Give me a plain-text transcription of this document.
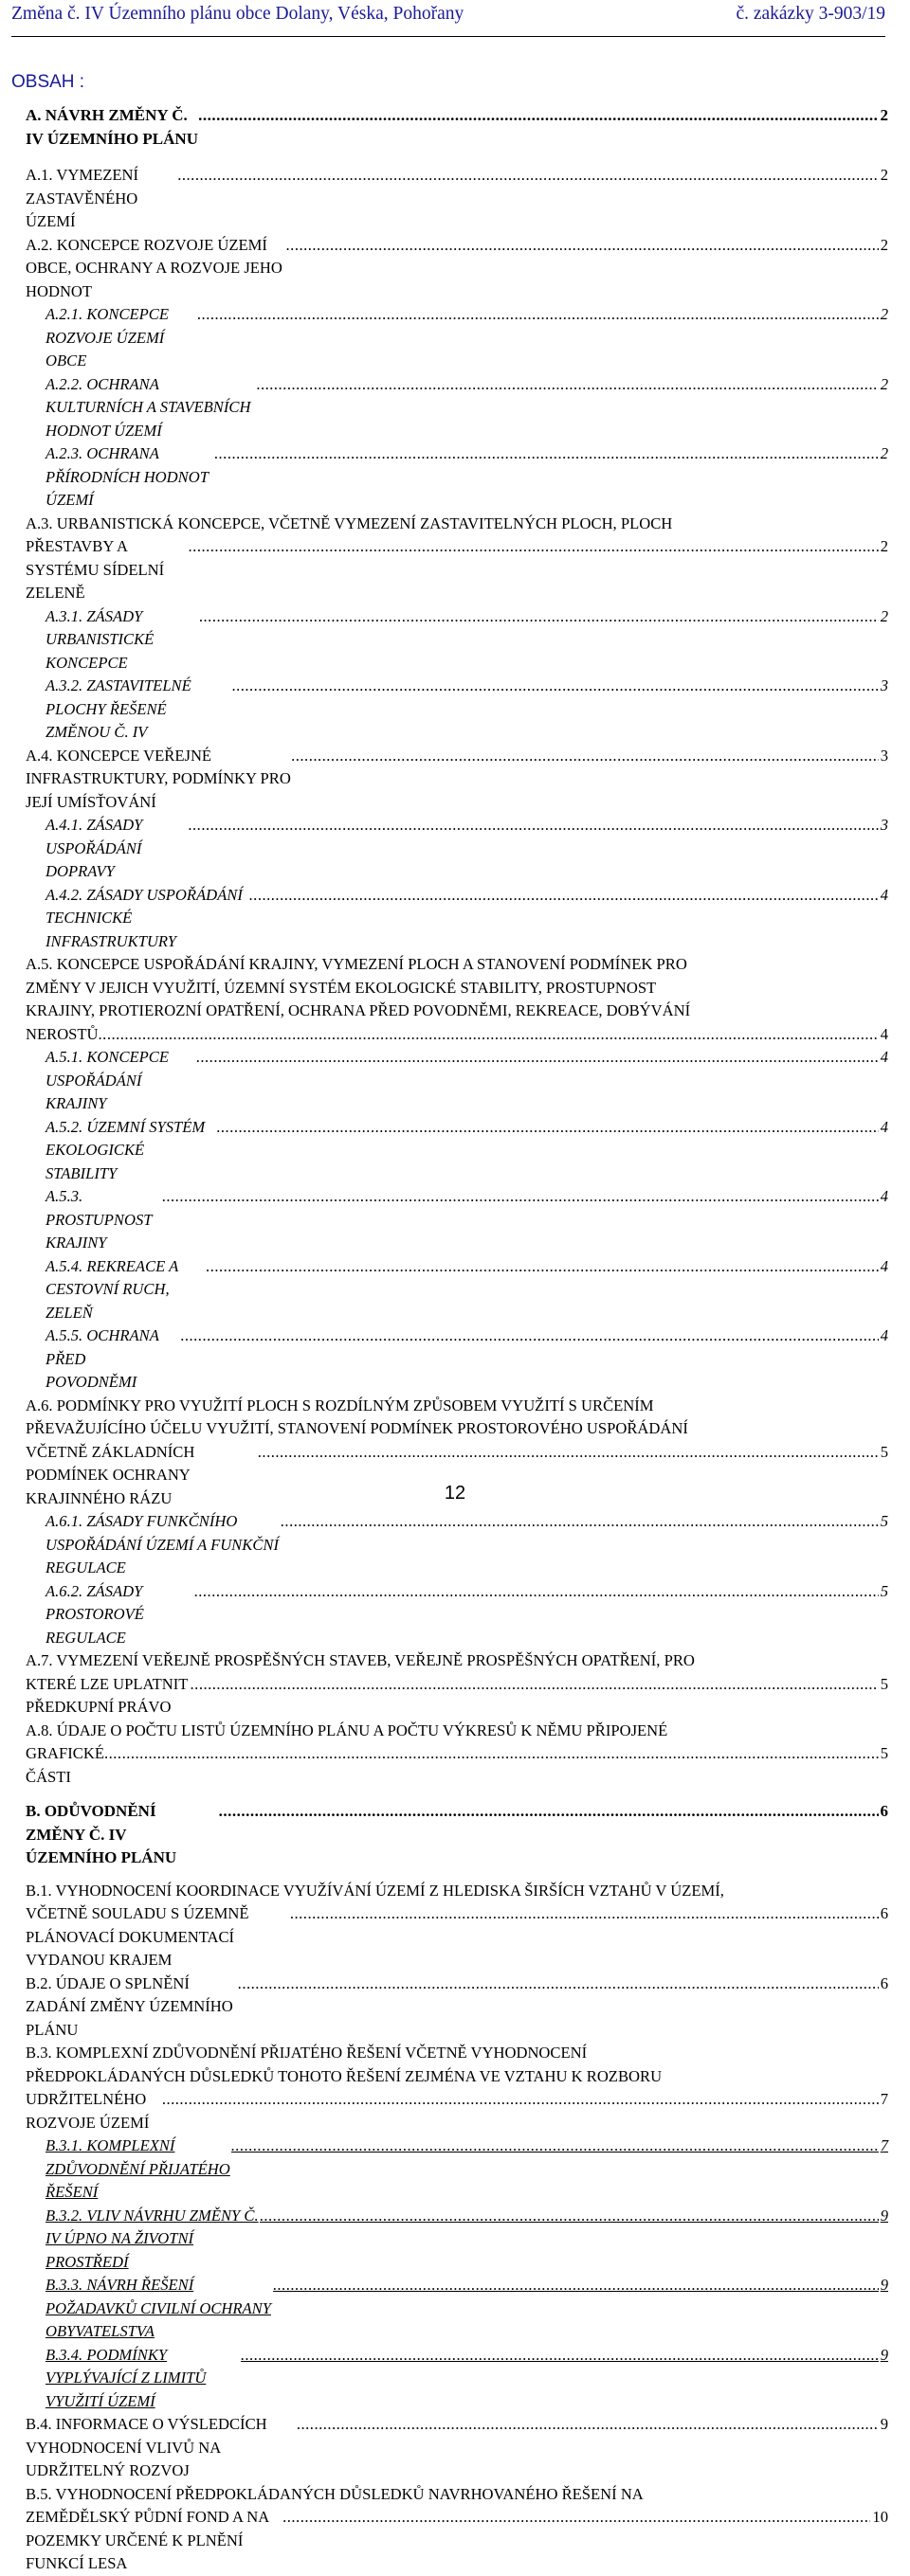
Změna č. IV Územního plánu obce Dolany, Véska, Pohořany	č. zakázky 3-903/19
OBSAH :
A. NÁVRH ZMĚNY Č. IV ÚZEMNÍHO PLÁNU
.....
2
A.1. VYMEZENÍ ZASTAVĚNÉHO ÚZEMÍ
.....
2
A.2. KONCEPCE ROZVOJE ÚZEMÍ OBCE, OCHRANY A ROZVOJE JEHO HODNOT
.....
2
A.2.1. KONCEPCE ROZVOJE ÚZEMÍ OBCE
.....
2
A.2.2. OCHRANA KULTURNÍCH A STAVEBNÍCH HODNOT ÚZEMÍ
.....
2
A.2.3. OCHRANA PŘÍRODNÍCH HODNOT ÚZEMÍ
.....
2
A.3. URBANISTICKÁ KONCEPCE, VČETNĚ VYMEZENÍ ZASTAVITELNÝCH PLOCH, PLOCH
PŘESTAVBY A SYSTÉMU SÍDELNÍ ZELENĚ
.....
2
A.3.1. ZÁSADY URBANISTICKÉ KONCEPCE
.....
2
A.3.2. ZASTAVITELNÉ PLOCHY ŘEŠENÉ ZMĚNOU Č. IV
.....
3
A.4. KONCEPCE VEŘEJNÉ INFRASTRUKTURY, PODMÍNKY PRO JEJÍ UMÍSŤOVÁNÍ
.....
3
A.4.1. ZÁSADY USPOŘÁDÁNÍ DOPRAVY
.....
3
A.4.2. ZÁSADY USPOŘÁDÁNÍ TECHNICKÉ INFRASTRUKTURY
.....
4
A.5. KONCEPCE USPOŘÁDÁNÍ KRAJINY, VYMEZENÍ PLOCH A STANOVENÍ PODMÍNEK PRO
ZMĚNY V JEJICH VYUŽITÍ, ÚZEMNÍ SYSTÉM EKOLOGICKÉ STABILITY, PROSTUPNOST
KRAJINY, PROTIEROZNÍ OPATŘENÍ, OCHRANA PŘED POVODNĚMI, REKREACE, DOBÝVÁNÍ
NEROSTŮ
.....	4
A.5.1. KONCEPCE USPOŘÁDÁNÍ KRAJINY
.....
4
A.5.2. ÚZEMNÍ SYSTÉM EKOLOGICKÉ STABILITY
.....
4
A.5.3. PROSTUPNOST KRAJINY
.....
4
A.5.4. REKREACE A CESTOVNÍ RUCH, ZELEŇ
.....
4
A.5.5. OCHRANA PŘED POVODNĚMI
.....
4
A.6. PODMÍNKY PRO VYUŽITÍ PLOCH S ROZDÍLNÝM ZPŮSOBEM VYUŽITÍ S URČENÍM
PŘEVAŽUJÍCÍHO ÚČELU VYUŽITÍ, STANOVENÍ PODMÍNEK PROSTOROVÉHO USPOŘÁDÁNÍ
VČETNĚ ZÁKLADNÍCH PODMÍNEK OCHRANY KRAJINNÉHO RÁZU
.....
5
A.6.1. ZÁSADY FUNKČNÍHO USPOŘÁDÁNÍ ÚZEMÍ A FUNKČNÍ REGULACE
.....
5
A.6.2. ZÁSADY PROSTOROVÉ REGULACE
.....
5
A.7. VYMEZENÍ VEŘEJNĚ PROSPĚŠNÝCH STAVEB, VEŘEJNĚ PROSPĚŠNÝCH OPATŘENÍ, PRO
KTERÉ LZE UPLATNIT PŘEDKUPNÍ PRÁVO
.....
5
A.8. ÚDAJE O POČTU LISTŮ ÚZEMNÍHO PLÁNU A POČTU VÝKRESŮ K NĚMU PŘIPOJENÉ
GRAFICKÉ ČÁSTI
.....
5
B. ODŮVODNĚNÍ ZMĚNY Č. IV ÚZEMNÍHO PLÁNU
.....
6
B.1. VYHODNOCENÍ KOORDINACE VYUŽÍVÁNÍ ÚZEMÍ Z HLEDISKA ŠIRŠÍCH VZTAHŮ V ÚZEMÍ,
VČETNĚ SOULADU S ÚZEMNĚ PLÁNOVACÍ DOKUMENTACÍ VYDANOU KRAJEM
.....
6
B.2. ÚDAJE O SPLNĚNÍ ZADÁNÍ ZMĚNY ÚZEMNÍHO PLÁNU
.....
6
B.3. KOMPLEXNÍ ZDŮVODNĚNÍ PŘIJATÉHO ŘEŠENÍ VČETNĚ VYHODNOCENÍ
PŘEDPOKLÁDANÝCH DŮSLEDKŮ TOHOTO ŘEŠENÍ ZEJMÉNA VE VZTAHU K ROZBORU
UDRŽITELNÉHO ROZVOJE ÚZEMÍ
.....
7
B.3.1. KOMPLEXNÍ ZDŮVODNĚNÍ PŘIJATÉHO ŘEŠENÍ
.....
7
B.3.2. VLIV NÁVRHU ZMĚNY Č. IV ÚPNO NA ŽIVOTNÍ PROSTŘEDÍ
.....
9
B.3.3. NÁVRH ŘEŠENÍ POŽADAVKŮ CIVILNÍ OCHRANY OBYVATELSTVA
.....
9
B.3.4. PODMÍNKY VYPLÝVAJÍCÍ Z LIMITŮ VYUŽITÍ ÚZEMÍ
.....
9
B.4. INFORMACE O VÝSLEDCÍCH VYHODNOCENÍ VLIVŮ NA UDRŽITELNÝ ROZVOJ
.....
9
B.5. VYHODNOCENÍ PŘEDPOKLÁDANÝCH DŮSLEDKŮ NAVRHOVANÉHO ŘEŠENÍ NA
ZEMĚDĚLSKÝ PŮDNÍ FOND A NA POZEMKY URČENÉ K PLNĚNÍ FUNKCÍ LESA
.....
10
12
